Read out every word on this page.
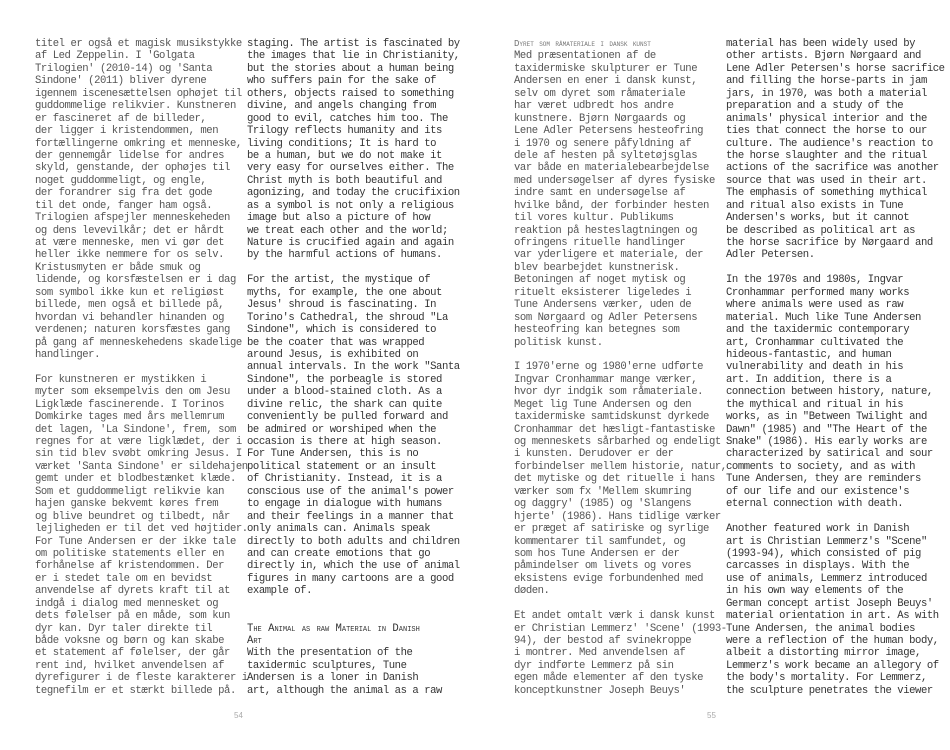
titel er også et magisk musikstykke
af Led Zeppelin. I 'Golgata
Trilogien' (2010-14) og 'Santa
Sindone' (2011) bliver dyrene
igennem iscenesættelsen ophøjet til
guddommelige relikvier. Kunstneren
er fascineret af de billeder,
der ligger i kristendommen, men
fortællingerne omkring et menneske,
der gennemgår lidelse for andres
skyld, genstande, der ophøjes til
noget guddommeligt, og engle,
der forandrer sig fra det gode
til det onde, fanger ham også.
Trilogien afspejler menneskeheden
og dens levevilkår; det er hårdt
at være menneske, men vi gør det
heller ikke nemmere for os selv.
Kristusmyten er både smuk og
lidende, og korsfæstelsen er i dag
som symbol ikke kun et religiøst
billede, men også et billede på,
hvordan vi behandler hinanden og
verdenen; naturen korsfæstes gang
på gang af menneskehedens skadelige
handlinger.
For kunstneren er mystikken i
myter som eksempelvis den om Jesu
Ligklæde fascinerende. I Torinos
Domkirke tages med års mellemrum
det lagen, 'La Sindone', frem, som
regnes for at være ligklædet, der i
sin tid blev svøbt omkring Jesus. I
værket 'Santa Sindone' er sildehajen
gemt under et blodbestænket klæde.
Som et guddommeligt relikvie kan
hajen ganske bekvemt køres frem
og blive beundret og tilbedt, når
lejligheden er til det ved højtider.
For Tune Andersen er der ikke tale
om politiske statements eller en
forhånelse af kristendommen. Der
er i stedet tale om en bevidst
anvendelse af dyrets kraft til at
indgå i dialog med mennesket og
dets følelser på en måde, som kun
dyr kan. Dyr taler direkte til
både voksne og børn og kan skabe
et statement af følelser, der går
rent ind, hvilket anvendelsen af
dyrefigurer i de fleste karakterer i
tegnefilm er et stærkt billede på.
staging. The artist is fascinated by
the images that lie in Christianity,
but the stories about a human being
who suffers pain for the sake of
others, objects raised to something
divine, and angels changing from
good to evil, catches him too. The
Trilogy reflects humanity and its
living conditions; It is hard to
be a human, but we do not make it
very easy for ourselves either. The
Christ myth is both beautiful and
agonizing, and today the crucifixion
as a symbol is not only a religious
image but also a picture of how
we treat each other and the world;
Nature is crucified again and again
by the harmful actions of humans.
For the artist, the mystique of
myths, for example, the one about
Jesus' shroud is fascinating. In
Torino's Cathedral, the shroud "La
Sindone", which is considered to
be the coater that was wrapped
around Jesus, is exhibited on
annual intervals. In the work "Santa
Sindone", the porbeagle is stored
under a blood-stained cloth. As a
divine relic, the shark can quite
conveniently be pulled forward and
be admired or worshiped when the
occasion is there at high season.
For Tune Andersen, this is no
political statement or an insult
of Christianity. Instead, it is a
conscious use of the animal's power
to engage in dialogue with humans
and their feelings in a manner that
only animals can. Animals speak
directly to both adults and children
and can create emotions that go
directly in, which the use of animal
figures in many cartoons are a good
example of.
The Animal as raw Material in Danish
Art
With the presentation of the
taxidermic sculptures, Tune
Andersen is a loner in Danish
art, although the animal as a raw
54
Dyret som råmateriale i dansk kunst
Med præsentationen af de
taxidermiske skulpturer er Tune
Andersen en ener i dansk kunst,
selv om dyret som råmateriale
har været udbredt hos andre
kunstnere. Bjørn Nørgaards og
Lene Adler Petersens hesteofring
i 1970 og senere påfyldning af
dele af hesten på syltetøjsglas
var både en materialebearbejdelse
med undersøgelser af dyres fysiske
indre samt en undersøgelse af
hvilke bånd, der forbinder hesten
til vores kultur. Publikums
reaktion på hesteslagtningen og
ofringens rituelle handlinger
var yderligere et materiale, der
blev bearbejdet kunstnerisk.
Betoningen af noget mytisk og
rituelt eksisterer ligeledes i
Tune Andersens værker, uden de
som Nørgaard og Adler Petersens
hesteofring kan betegnes som
politisk kunst.
I 1970'erne og 1980'erne udførte
Ingvar Cronhammar mange værker,
hvor dyr indgik som råmateriale.
Meget lig Tune Andersen og den
taxidermiske samtidskunst dyrkede
Cronhammar det hæsligt-fantastiske
og menneskets sårbarhed og endeligt
i kunsten. Derudover er der
forbindelser mellem historie, natur,
det mytiske og det rituelle i hans
værker som fx 'Mellem skumring
og daggry' (1985) og 'Slangens
hjerte' (1986). Hans tidlige værker
er præget af satiriske og syrlige
kommentarer til samfundet, og
som hos Tune Andersen er der
påmindelser om livets og vores
eksistens evige forbundenhed med
døden.
Et andet omtalt værk i dansk kunst
er Christian Lemmerz' 'Scene' (1993-
94), der bestod af svinekroppe
i montrer. Med anvendelsen af
dyr indførte Lemmerz på sin
egen måde elementer af den tyske
konceptkunstner Joseph Beuys'
material has been widely used by
other artists. Bjørn Nørgaard and
Lene Adler Petersen's horse sacrifice
and filling the horse-parts in jam
jars, in 1970, was both a material
preparation and a study of the
animals' physical interior and the
ties that connect the horse to our
culture. The audience's reaction to
the horse slaughter and the ritual
actions of the sacrifice was another
source that was used in their art.
The emphasis of something mythical
and ritual also exists in Tune
Andersen's works, but it cannot
be described as political art as
the horse sacrifice by Nørgaard and
Adler Petersen.
In the 1970s and 1980s, Ingvar
Cronhammar performed many works
where animals were used as raw
material. Much like Tune Andersen
and the taxidermic contemporary
art, Cronhammar cultivated the
hideous-fantastic, and human
vulnerability and death in his
art. In addition, there is a
connection between history, nature,
the mythical and ritual in his
works, as in "Between Twilight and
Dawn" (1985) and "The Heart of the
Snake" (1986). His early works are
characterized by satirical and sour
comments to society, and as with
Tune Andersen, they are reminders
of our life and our existence's
eternal connection with death.
Another featured work in Danish
art is Christian Lemmerz's "Scene"
(1993-94), which consisted of pig
carcasses in displays. With the
use of animals, Lemmerz introduced
in his own way elements of the
German concept artist Joseph Beuys'
material orientation in art. As with
Tune Andersen, the animal bodies
were a reflection of the human body,
albeit a distorting mirror image,
Lemmerz's work became an allegory of
the body's mortality. For Lemmerz,
the sculpture penetrates the viewer
55
